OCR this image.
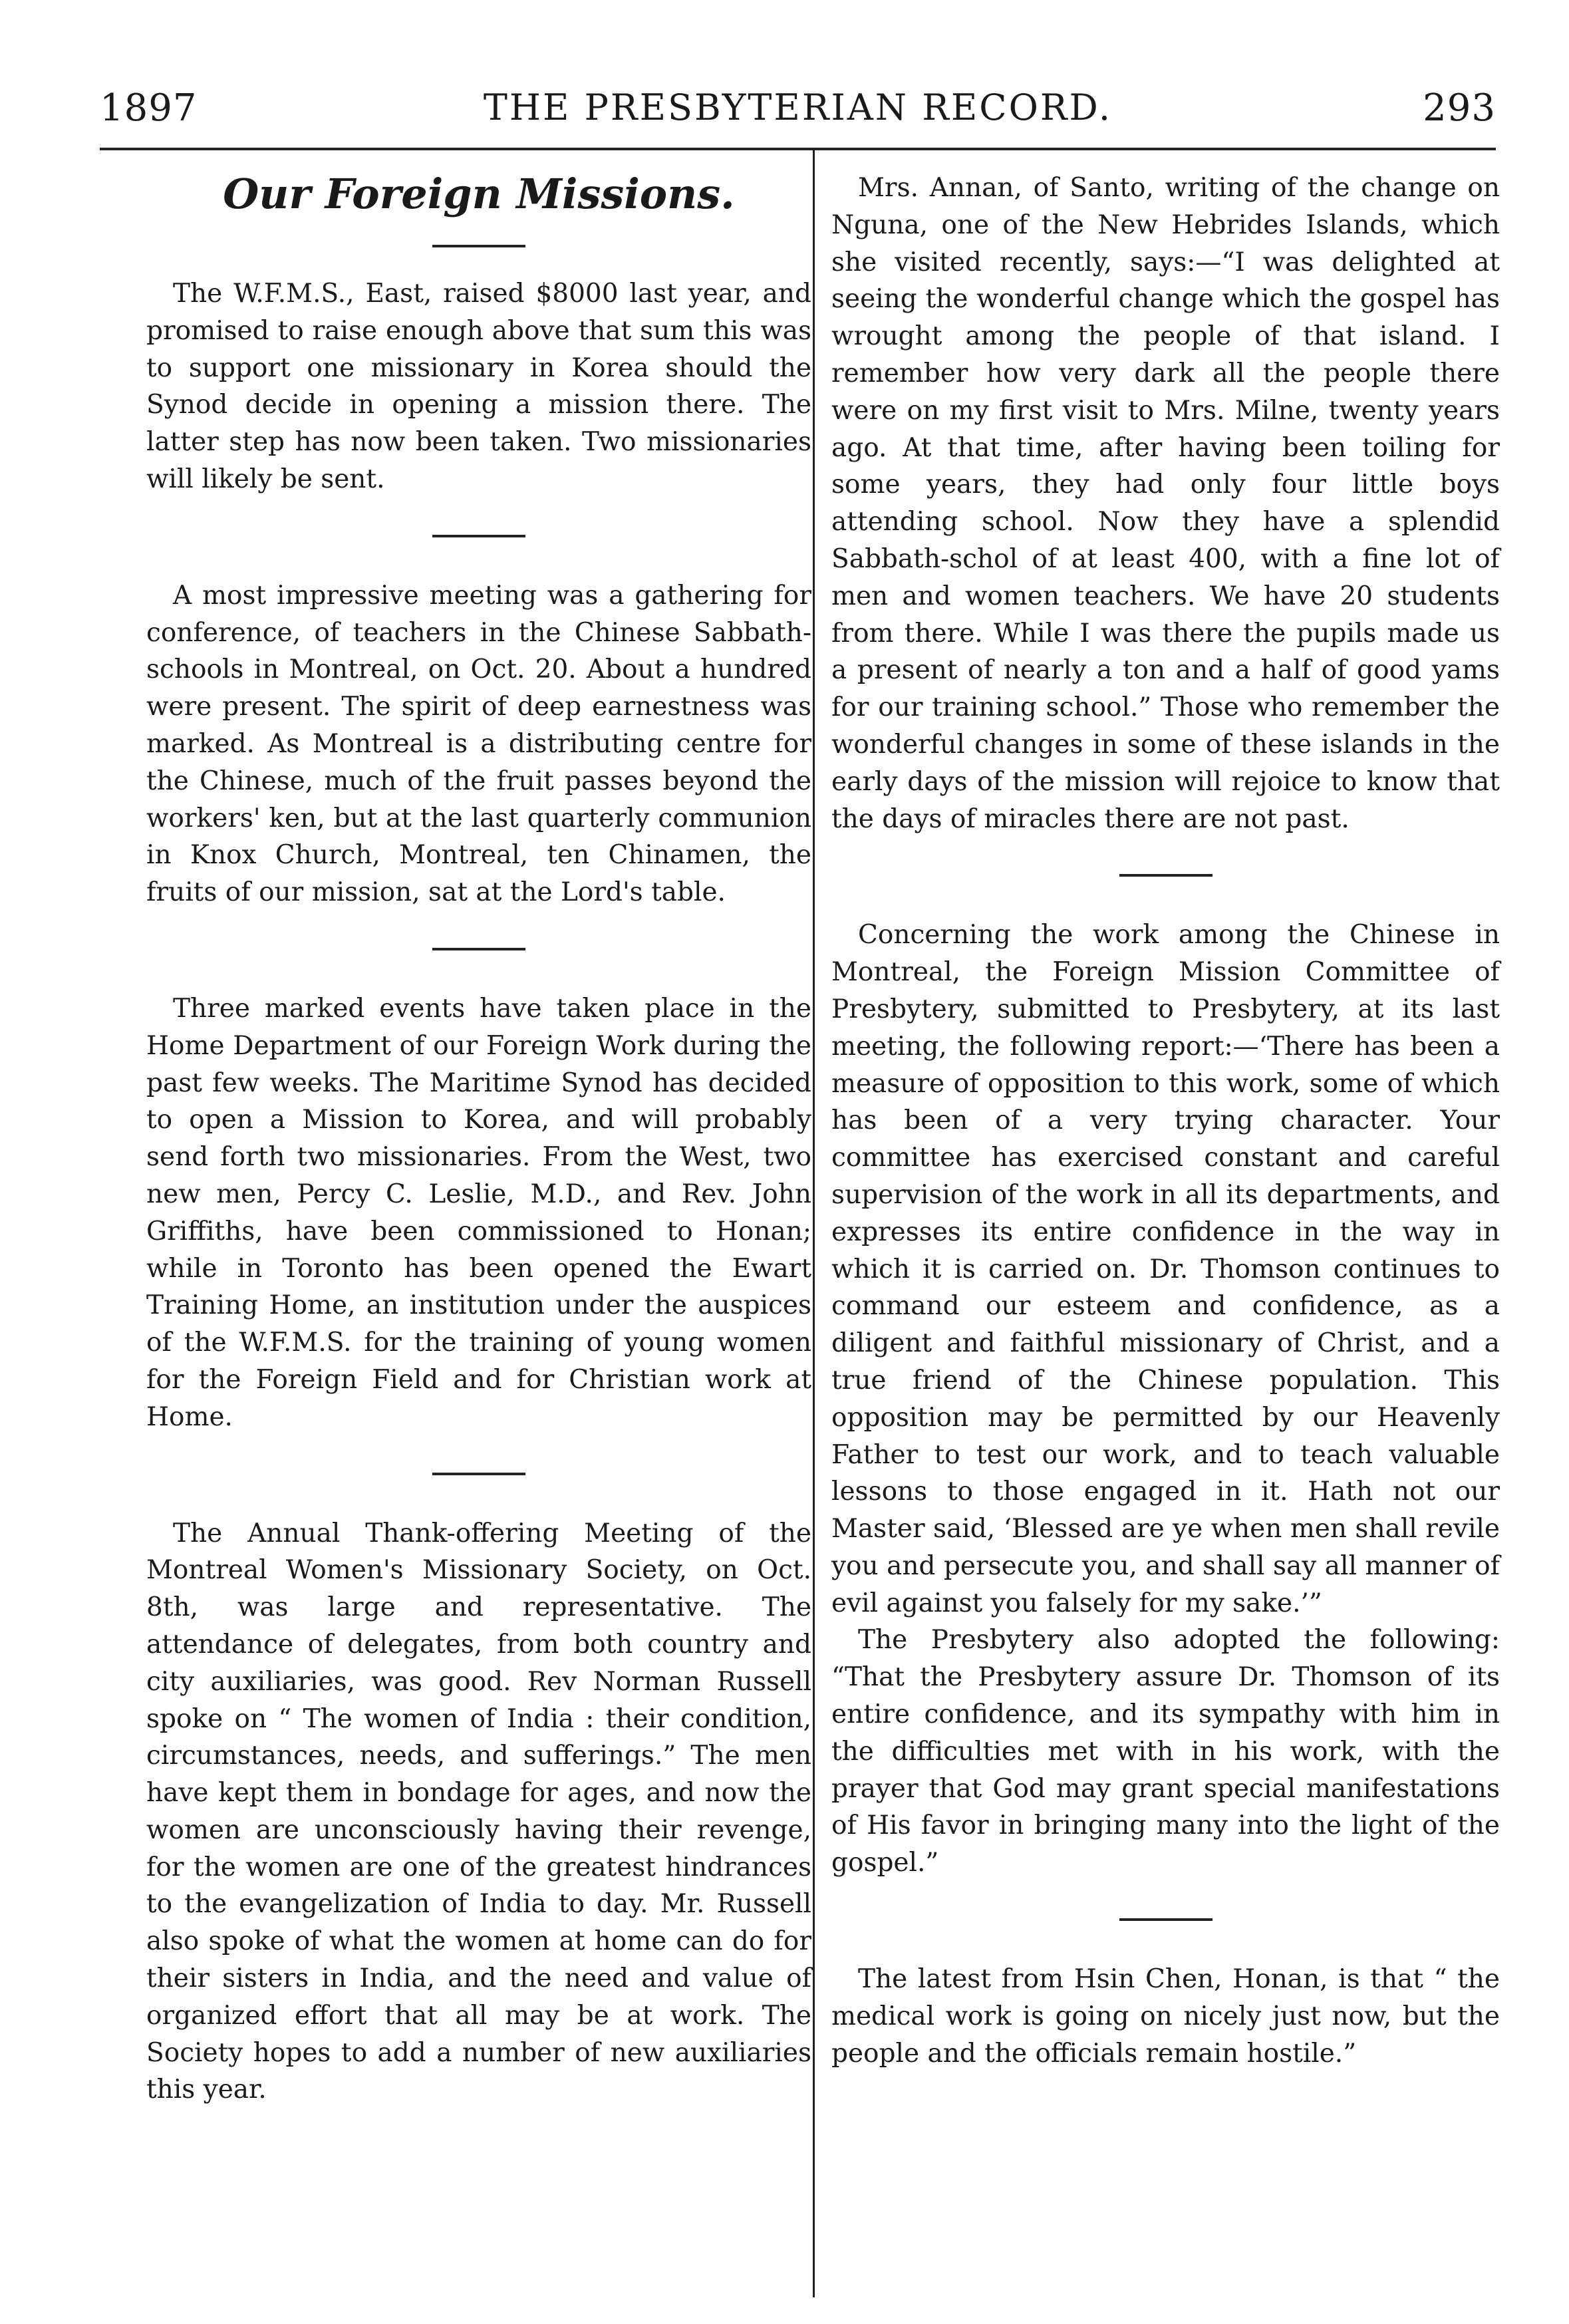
1897	THE PRESBYTERIAN RECORD.	293
Our Foreign Missions.

The W.F.M.S., East, raised $8000 last year, and promised to raise enough above that sum this was to support one missionary in Korea should the Synod decide in opening a mission there. The latter step has now been taken. Two missionaries will likely be sent.

A most impressive meeting was a gathering for conference, of teachers in the Chinese Sabbath-schools in Montreal, on Oct. 20. About a hundred were present. The spirit of deep earnestness was marked. As Montreal is a distributing centre for the Chinese, much of the fruit passes beyond the workers' ken, but at the last quarterly communion in Knox Church, Montreal, ten Chinamen, the fruits of our mission, sat at the Lord's table.

Three marked events have taken place in the Home Department of our Foreign Work during the past few weeks. The Maritime Synod has decided to open a Mission to Korea, and will probably send forth two missionaries. From the West, two new men, Percy C. Leslie, M.D., and Rev. John Griffiths, have been commissioned to Honan; while in Toronto has been opened the Ewart Training Home, an institution under the auspices of the W.F.M.S. for the training of young women for the Foreign Field and for Christian work at Home.

The Annual Thank-offering Meeting of the Montreal Women's Missionary Society, on Oct. 8th, was large and representative. The attendance of delegates, from both country and city auxiliaries, was good. Rev Norman Russell spoke on “ The women of India : their condition, circumstances, needs, and sufferings.” The men have kept them in bondage for ages, and now the women are unconsciously having their revenge, for the women are one of the greatest hindrances to the evangelization of India to day. Mr. Russell also spoke of what the women at home can do for their sisters in India, and the need and value of organized effort that all may be at work. The Society hopes to add a number of new auxiliaries this year.

Mrs. Annan, of Santo, writing of the change on Nguna, one of the New Hebrides Islands, which she visited recently, says:—“I was delighted at seeing the wonderful change which the gospel has wrought among the people of that island. I remember how very dark all the people there were on my first visit to Mrs. Milne, twenty years ago. At that time, after having been toiling for some years, they had only four little boys attending school. Now they have a splendid Sabbath-schol of at least 400, with a fine lot of men and women teachers. We have 20 students from there. While I was there the pupils made us a present of nearly a ton and a half of good yams for our training school.” Those who remember the wonderful changes in some of these islands in the early days of the mission will rejoice to know that the days of miracles there are not past.

Concerning the work among the Chinese in Montreal, the Foreign Mission Committee of Presbytery, submitted to Presbytery, at its last meeting, the following report:—‘There has been a measure of opposition to this work, some of which has been of a very trying character. Your committee has exercised constant and careful supervision of the work in all its departments, and expresses its entire confidence in the way in which it is carried on. Dr. Thomson continues to command our esteem and confidence, as a diligent and faithful missionary of Christ, and a true friend of the Chinese population. This opposition may be permitted by our Heavenly Father to test our work, and to teach valuable lessons to those engaged in it. Hath not our Master said, ‘Blessed are ye when men shall revile you and persecute you, and shall say all manner of evil against you falsely for my sake.’”

The Presbytery also adopted the following: “That the Presbytery assure Dr. Thomson of its entire confidence, and its sympathy with him in the difficulties met with in his work, with the prayer that God may grant special manifestations of His favor in bringing many into the light of the gospel.”

The latest from Hsin Chen, Honan, is that “ the medical work is going on nicely just now, but the people and the officials remain hostile.”
